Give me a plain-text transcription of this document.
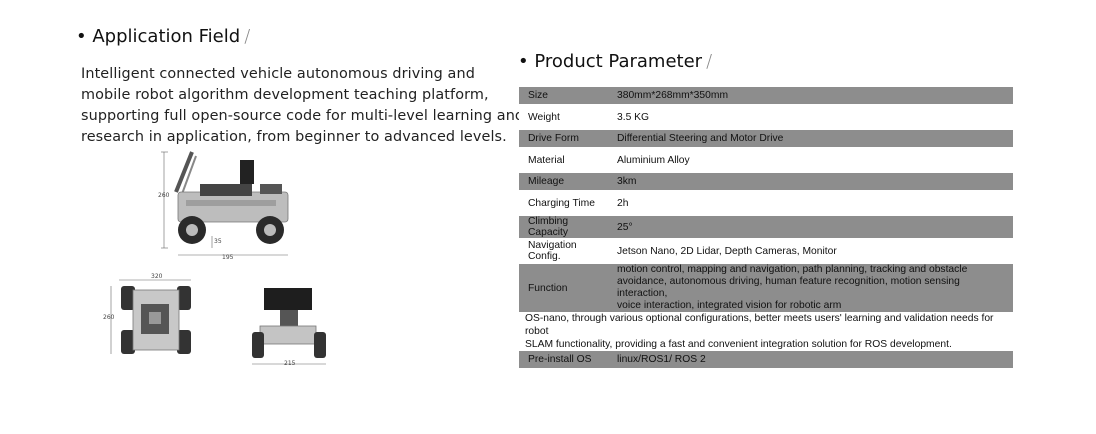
• Application Field /
Intelligent connected vehicle autonomous driving and
mobile robot algorithm development teaching platform,
supporting full open-source code for multi-level learning and
research in application, from beginner to advanced levels.
260
35
195
320
260
215
• Product Parameter /
Size	380mm*268mm*350mm
Weight	3.5 KG
Drive Form	Differential Steering and Motor Drive
Material	Aluminium Alloy
Mileage	3km
Charging Time	2h
Climbing Capacity	25°
Navigation Config.	Jetson Nano, 2D Lidar, Depth Cameras, Monitor
Function	motion control, mapping and navigation, path planning, tracking and obstacle
avoidance, autonomous driving, human feature recognition, motion sensing interaction,
voice interaction, integrated vision for robotic arm

OS-nano, through various optional configurations, better meets users' learning and validation needs for robot
SLAM functionality, providing a fast and convenient integration solution for ROS development.	

Pre-install OS	linux/ROS1/ ROS 2
